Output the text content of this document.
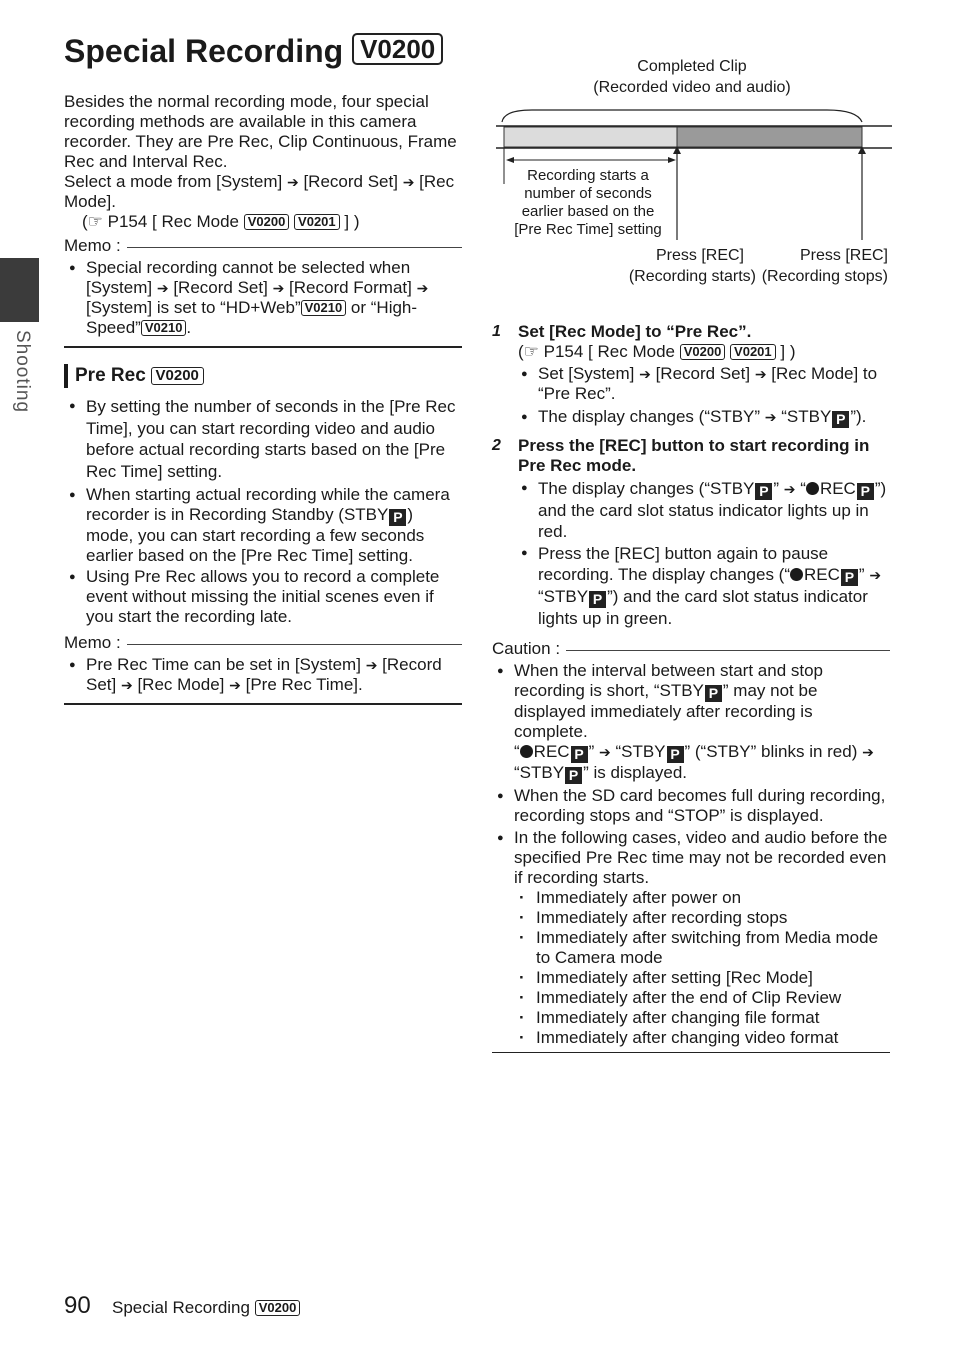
Shooting
Special Recording V0200

Besides the normal recording mode, four special recording methods are available in this camera recorder. They are Pre Rec, Clip Continuous, Frame Rec and Interval Rec.

Select a mode from [System] ➔ [Record Set] ➔ [Rec Mode].

(☞ P154 [ Rec Mode V0200 V0201 ] )

Memo :
● Special recording cannot be selected when [System] ➔ [Record Set] ➔ [Record Format] ➔ [System] is set to “HD+Web” V0210 or “High-Speed” V0210 .
Pre Rec
V0200
● By setting the number of seconds in the [Pre Rec Time], you can start recording video and audio before actual recording starts based on the [Pre Rec Time] setting.
● When starting actual recording while the camera recorder is in Recording Standby (STBY P ) mode, you can start recording a few seconds earlier based on the [Pre Rec Time] setting.
● Using Pre Rec allows you to record a complete event without missing the initial scenes even if you start the recording late.
Memo :
● Pre Rec Time can be set in [System] ➔ [Record Set] ➔ [Rec Mode] ➔ [Pre Rec Time].
Completed Clip
(Recorded video and audio)
Recording starts a
number of seconds
earlier based on the
[Pre Rec Time] setting
Press [REC]
(Recording starts)
Press [REC]
(Recording stops)
1 Set [Rec Mode] to “Pre Rec”.
(☞ P154 [ Rec Mode V0200 V0201 ] )
● Set [System] ➔ [Record Set] ➔ [Rec Mode] to “Pre Rec”.
● The display changes (“STBY” ➔ “STBY P ”).
2 Press the [REC] button to start recording in Pre Rec mode.
● The display changes (“STBY P ” ➔ “ REC P ”) and the card slot status indicator lights up in red.
● Press the [REC] button again to pause recording. The display changes (“ REC P ” ➔ “STBY P ”) and the card slot status indicator lights up in green.
Caution :
● When the interval between start and stop recording is short, “STBY P ” may not be displayed immediately after recording is complete.
“ REC P ” ➔ “STBY P ” (“STBY” blinks in red) ➔ “STBY P ” is displayed.
● When the SD card becomes full during recording, recording stops and “STOP” is displayed.
● In the following cases, video and audio before the specified Pre Rec time may not be recorded even if recording starts.
· Immediately after power on
· Immediately after recording stops
· Immediately after switching from Media mode to Camera mode
· Immediately after setting [Rec Mode]
· Immediately after the end of Clip Review
· Immediately after changing file format
· Immediately after changing video format
90 Special Recording V0200
